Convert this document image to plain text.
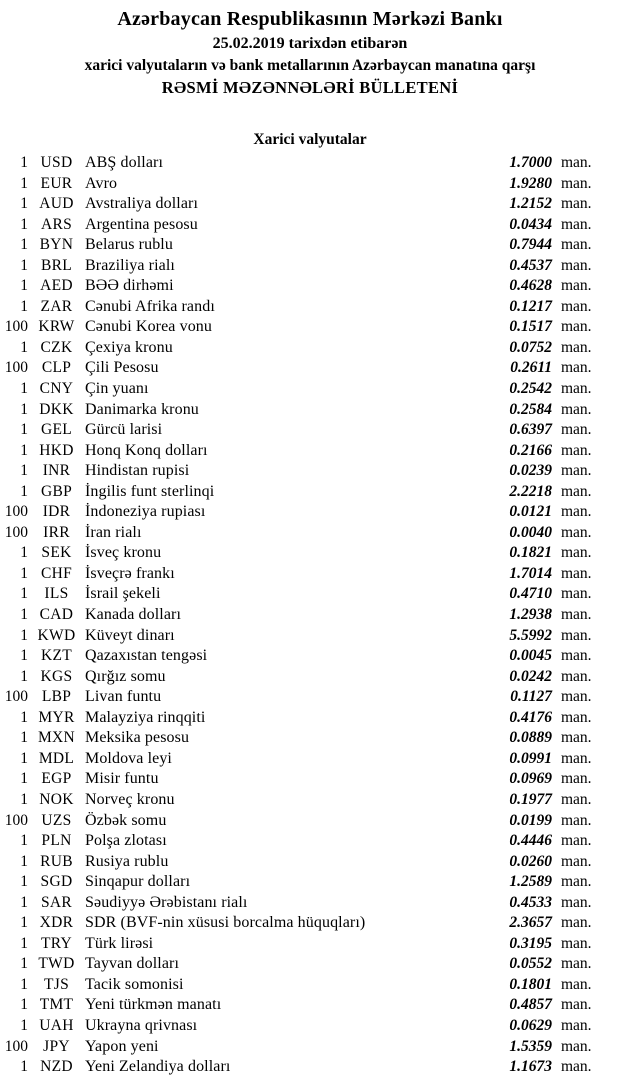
Azərbaycan Respublikasının Mərkəzi Bankı
25.02.2019 tarixdən etibarən
xarici valyutaların və bank metallarının Azərbaycan manatına qarşı
RƏSMİ MƏZƏNNƏLƏRİ BÜLLETENİ
Xarici valyutalar
1 USD ABŞ dolları	1.7000 man.
1 EUR Avro	1.9280 man.
1 AUD Avstraliya dolları	1.2152 man.
1 ARS Argentina pesosu	0.0434 man.
1 BYN Belarus rublu	0.7944 man.
1 BRL Braziliya rialı	0.4537 man.
1 AED BƏƏ dirhəmi	0.4628 man.
1 ZAR Cənubi Afrika randı	0.1217 man.
100 KRW Cənubi Korea vonu	0.1517 man.
1 CZK Çexiya kronu	0.0752 man.
100 CLP Çili Pesosu	0.2611 man.
1 CNY Çin yuanı	0.2542 man.
1 DKK Danimarka kronu	0.2584 man.
1 GEL Gürcü larisi	0.6397 man.
1 HKD Honq Konq dolları	0.2166 man.
1 INR Hindistan rupisi	0.0239 man.
1 GBP İngilis funt sterlinqi	2.2218 man.
100 IDR İndoneziya rupiası	0.0121 man.
100 IRR İran rialı	0.0040 man.
1 SEK İsveç kronu	0.1821 man.
1 CHF İsveçrə frankı	1.7014 man.
1	ILS	İsrail şekeli	0.4710 man.
1 CAD Kanada dolları	1.2938 man.
1 KWD Küveyt dinarı	5.5992 man.
1 KZT Qazaxıstan tengəsi	0.0045 man.
1 KGS Qırğız somu	0.0242 man.
100 LBP Livan funtu	0.1127 man.
1 MYR Malayziya rinqqiti	0.4176 man.
1 MXN Meksika pesosu	0.0889 man.
1 MDL Moldova leyi	0.0991 man.
1 EGP Misir funtu	0.0969 man.
1 NOK Norveç kronu	0.1977 man.
100 UZS Özbək somu	0.0199 man.
1 PLN Polşa zlotası	0.4446 man.
1 RUB Rusiya rublu	0.0260 man.
1 SGD Sinqapur dolları	1.2589 man.
1 SAR Səudiyyə Ərəbistanı rialı	0.4533 man.
1 XDR SDR (BVF-nin xüsusi borcalma hüquqları)	2.3657 man.
1 TRY Türk lirəsi	0.3195 man.
1 TWD Tayvan dolları	0.0552 man.
1	TJS Tacik somonisi	0.1801 man.
1 TMT Yeni türkmən manatı	0.4857 man.
1 UAH Ukrayna qrivnası	0.0629 man.
100 JPY Yapon yeni	1.5359 man.
1 NZD Yeni Zelandiya dolları	1.1673 man.
